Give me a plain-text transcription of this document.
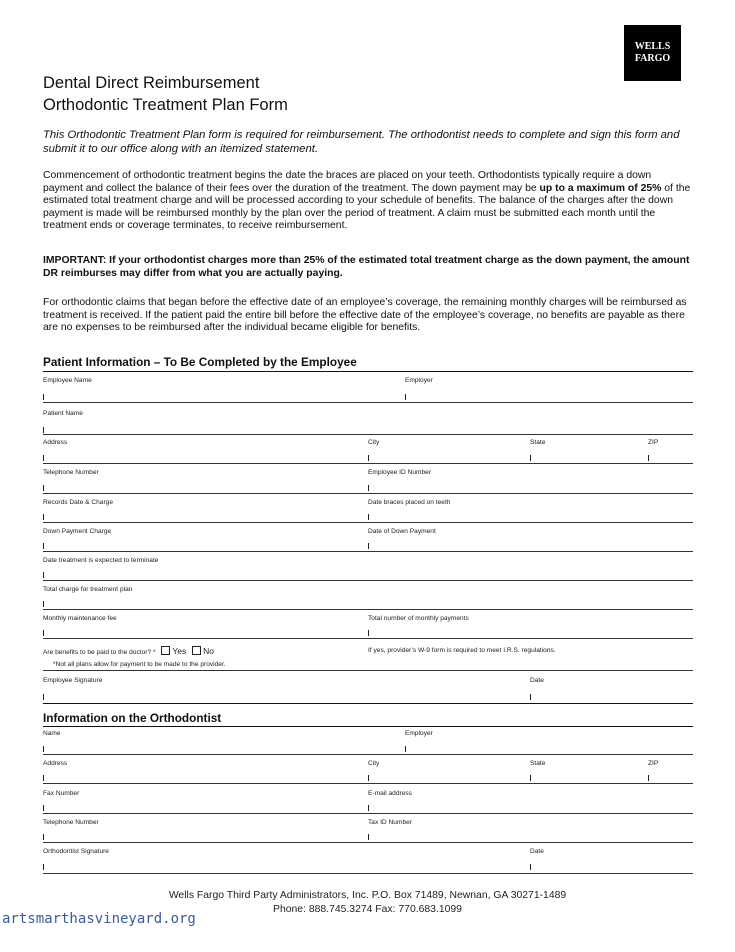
WELLS
FARGO
Dental Direct Reimbursement
Orthodontic Treatment Plan Form
This Orthodontic Treatment Plan form is required for reimbursement. The orthodontist needs to complete and sign this form and submit it to our office along with an itemized statement.
Commencement of orthodontic treatment begins the date the braces are placed on your teeth. Orthodontists typically require a down payment and collect the balance of their fees over the duration of the treatment. The down payment may be up to a maximum of 25% of the estimated total treatment charge and will be processed according to your schedule of benefits. The balance of the charges after the down payment is made will be reimbursed monthly by the plan over the period of treatment. A claim must be submitted each month until the treatment ends or coverage terminates, to receive reimbursement.
IMPORTANT: If your orthodontist charges more than 25% of the estimated total treatment charge as the down payment, the amount DR reimburses may differ from what you are actually paying.
For orthodontic claims that began before the effective date of an employee’s coverage, the remaining monthly charges will be reimbursed as treatment is received. If the patient paid the entire bill before the effective date of the employee’s coverage, no benefits are payable as there are no expenses to be reimbursed after the individual became eligible for benefits.
Patient Information – To Be Completed by the Employee
Employee Name	Employer
Patient Name
Address	City	State	ZIP
Telephone Number	Employee ID Number
Records Date & Charge	Date braces placed on teeth
Down Payment Charge	Date of Down Payment
Date treatment is expected to terminate
Total charge for treatment plan
Monthly maintenance fee	Total number of monthly payments
Are benefits to be paid to the doctor? * Yes No	If yes, provider’s W-9 form is required to meet I.R.S. regulations.
*Not all plans allow for payment to be made to the provider.
Employee Signature	Date
Information on the Orthodontist
Name	Employer
Address	City	State	ZIP
Fax Number	E-mail address
Telephone Number	Tax ID Number
Orthodontist Signature	Date
Wells Fargo Third Party Administrators, Inc. P.O. Box 71489, Newnan, GA 30271-1489
Phone: 888.745.3274 Fax: 770.683.1099
artsmarthasvineyard.org
